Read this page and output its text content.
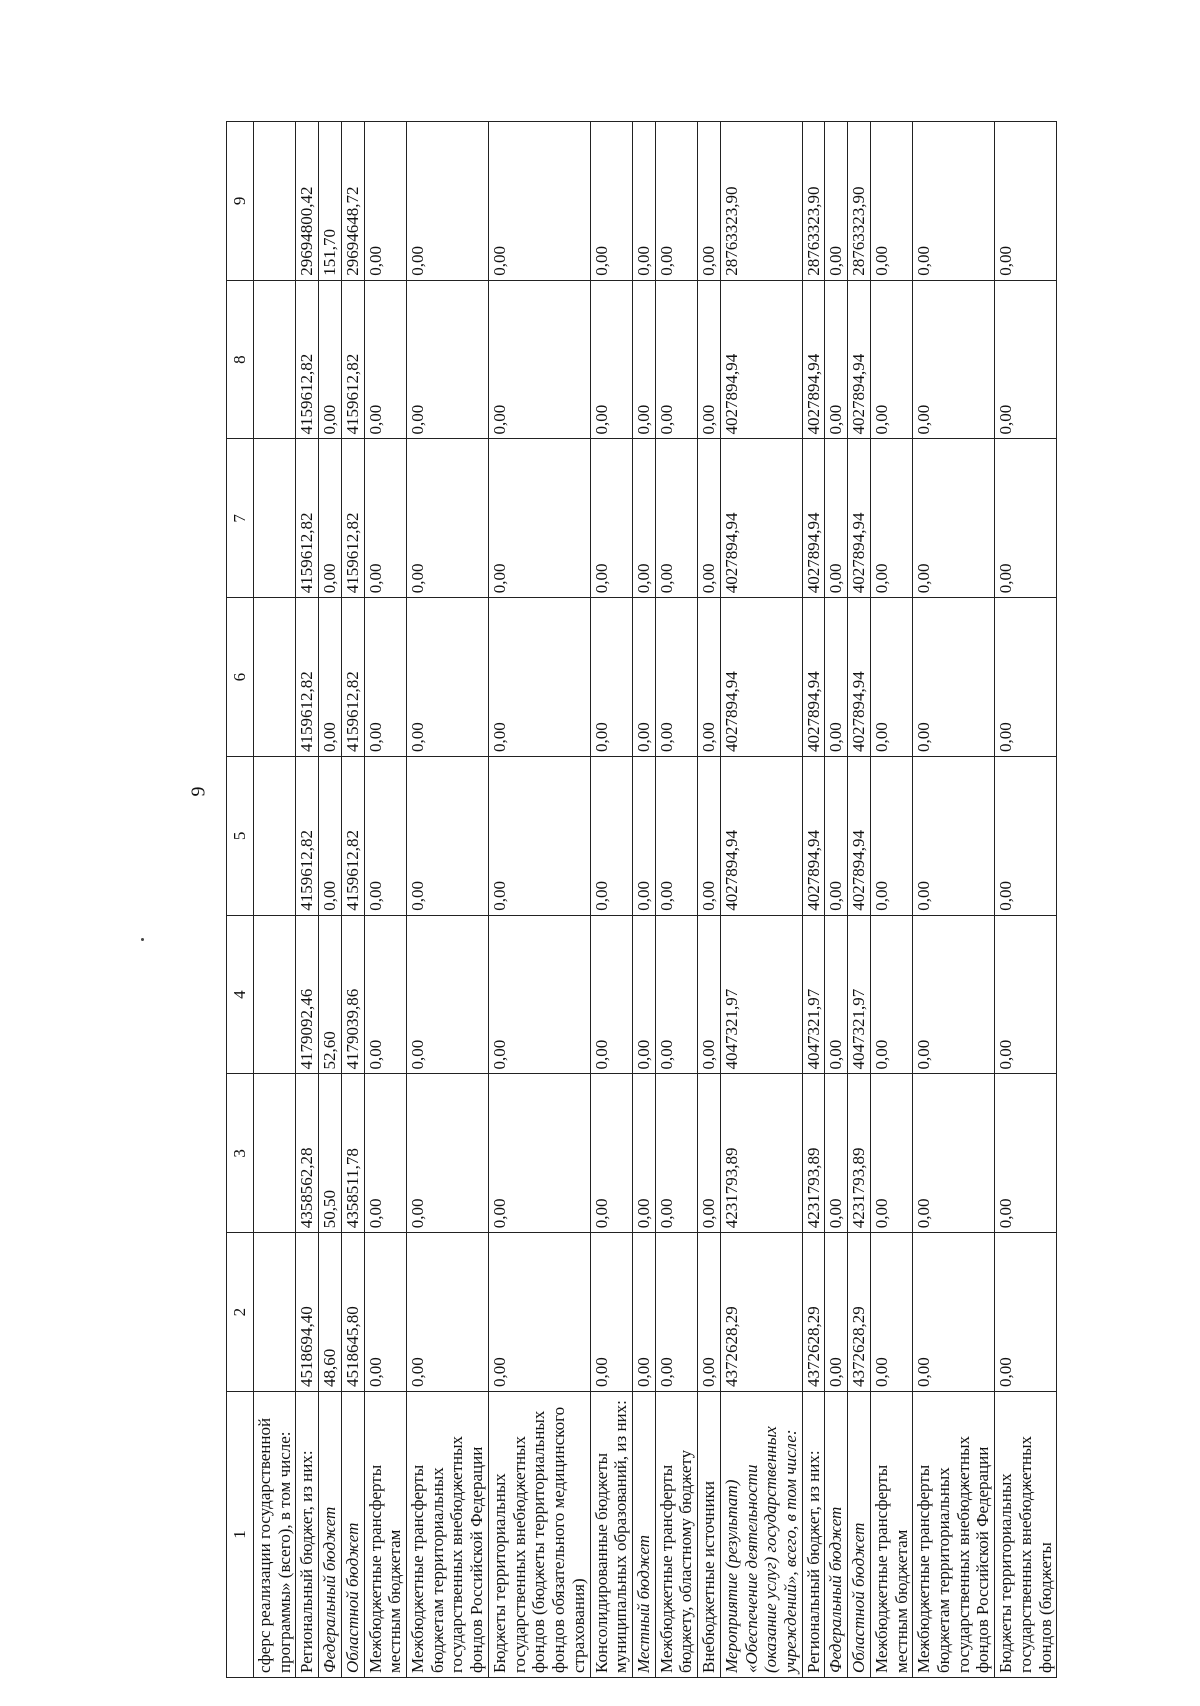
9
1	2	3	4	5	6	7	8	9
сферс реализации государственной программы» (всего), в том числе:								
Региональный бюджет, из них:	4518694,40	4358562,28	4179092,46	4159612,82	4159612,82	4159612,82	4159612,82	29694800,42
Федеральный бюджет	48,60	50,50	52,60	0,00	0,00	0,00	0,00	151,70
Областной бюджет	4518645,80	4358511,78	4179039,86	4159612,82	4159612,82	4159612,82	4159612,82	29694648,72
Межбюджетные трансферты местным бюджетам	0,00	0,00	0,00	0,00	0,00	0,00	0,00	0,00
Межбюджетные трансферты бюджетам территориальных государственных внебюджетных фондов Российской Федерации	0,00	0,00	0,00	0,00	0,00	0,00	0,00	0,00
Бюджеты территориальных государственных внебюджетных фондов (бюджеты территориальных фондов обязательного медицинского страхования)	0,00	0,00	0,00	0,00	0,00	0,00	0,00	0,00
Консолидированные бюджеты муниципальных образований, из них:	0,00	0,00	0,00	0,00	0,00	0,00	0,00	0,00
Местный бюджет	0,00	0,00	0,00	0,00	0,00	0,00	0,00	0,00
Межбюджетные трансферты бюджету, областному бюджету	0,00	0,00	0,00	0,00	0,00	0,00	0,00	0,00
Внебюджетные источники	0,00	0,00	0,00	0,00	0,00	0,00	0,00	0,00
Мероприятие (результат) «Обеспечение деятельности (оказание услуг) государственных учреждений», всего, в том числе:	4372628,29	4231793,89	4047321,97	4027894,94	4027894,94	4027894,94	4027894,94	28763323,90
Региональный бюджет, из них:	4372628,29	4231793,89	4047321,97	4027894,94	4027894,94	4027894,94	4027894,94	28763323,90
Федеральный бюджет	0,00	0,00	0,00	0,00	0,00	0,00	0,00	0,00
Областной бюджет	4372628,29	4231793,89	4047321,97	4027894,94	4027894,94	4027894,94	4027894,94	28763323,90
Межбюджетные трансферты местным бюджетам	0,00	0,00	0,00	0,00	0,00	0,00	0,00	0,00
Межбюджетные трансферты бюджетам территориальных государственных внебюджетных фондов Российской Федерации	0,00	0,00	0,00	0,00	0,00	0,00	0,00	0,00
Бюджеты территориальных государственных внебюджетных фондов (бюджеты	0,00	0,00	0,00	0,00	0,00	0,00	0,00	0,00
